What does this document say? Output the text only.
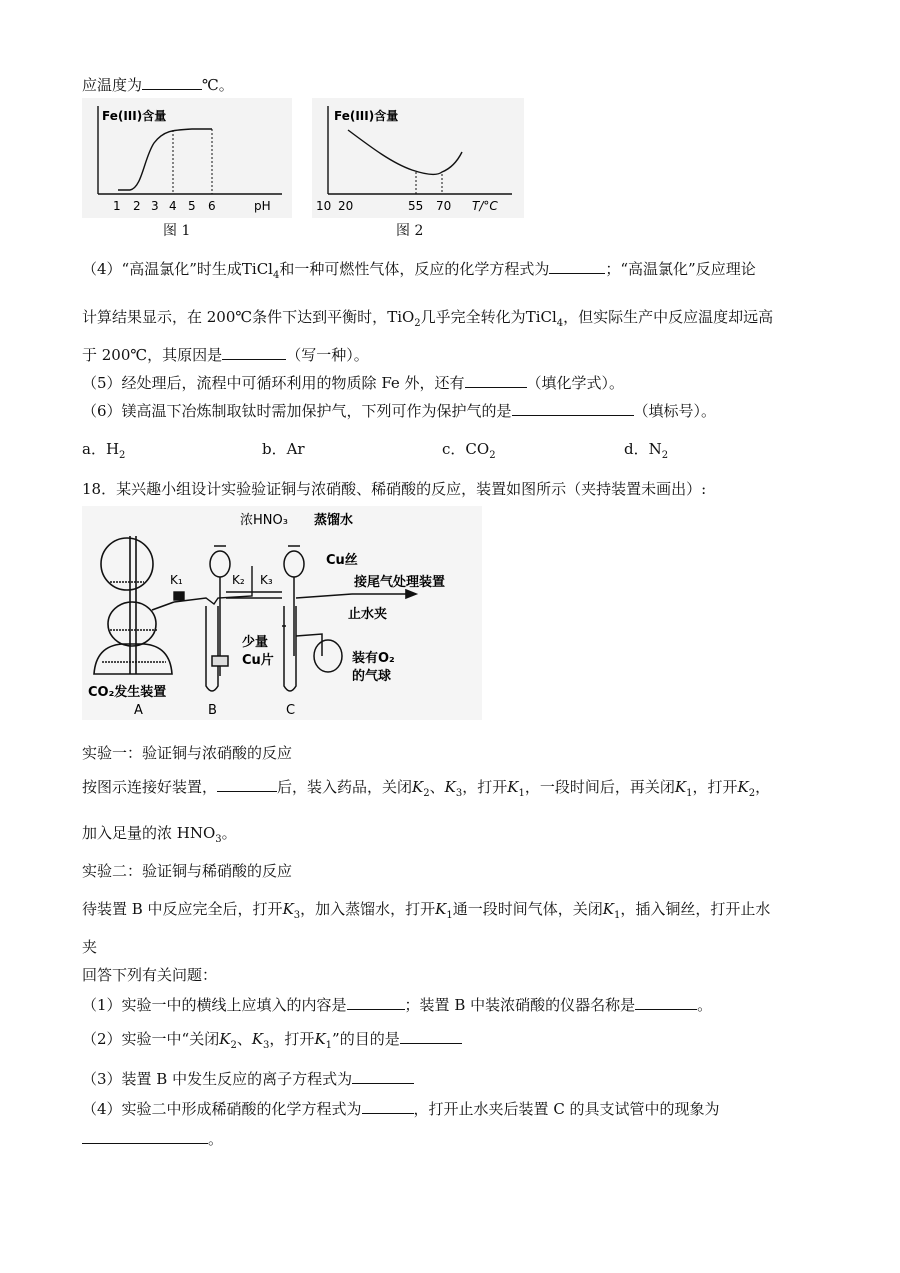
应温度为	℃。
Fe(III)含量
1 2 3 4 5 6	pH
图 1
Fe(III)含量
10 20	55 70 T/°C
图 2
（4）“高温氯化”时生成TiCl$_4$和一种可燃性气体，反应的化学方程式为	；“高温氯化”反应理论
计算结果显示，在 200℃条件下达到平衡时，TiO$_2$几乎完全转化为TiCl$_4$，但实际生产中反应温度却远高
于 200℃，其原因是	（写一种）。
（5）经处理后，流程中可循环利用的物质除 Fe 外，还有	（填化学式）。
（6）镁高温下冶炼制取钛时需加保护气，下列可作为保护气的是	（填标号）。
a．$H_2$	b．Ar	c．$CO_2$	d．$N_2$
18．某兴趣小组设计实验验证铜与浓硝酸、稀硝酸的反应，装置如图所示（夹持装置未画出）:
浓HNO₃ 蒸馏水
Cu丝
接尾气处理装置
止水夹
装有O₂
的气球
少量
Cu片
CO₂发生装置
A	B	C
K₁	K₂ K₃
实验一：验证铜与浓硝酸的反应
按图示连接好装置，	后，装入药品，关闭$K_2$、$K_3$，打开$K_1$，一段时间后，再关闭$K_1$，打开$K_2$，
加入足量的浓 $HNO_3$。
实验二：验证铜与稀硝酸的反应
待装置 B 中反应完全后，打开$K_3$，加入蒸馏水，打开$K_1$通一段时间气体，关闭$K_1$，插入铜丝，打开止水
夹
回答下列有关问题：
（1）实验一中的横线上应填入的内容是	；装置 B 中装浓硝酸的仪器名称是	。
（2）实验一中“关闭$K_2$、$K_3$，打开$K_1$”的目的是
（3）装置 B 中发生反应的离子方程式为
（4）实验二中形成稀硝酸的化学方程式为	，打开止水夹后装置 C 的具支试管中的现象为
。
